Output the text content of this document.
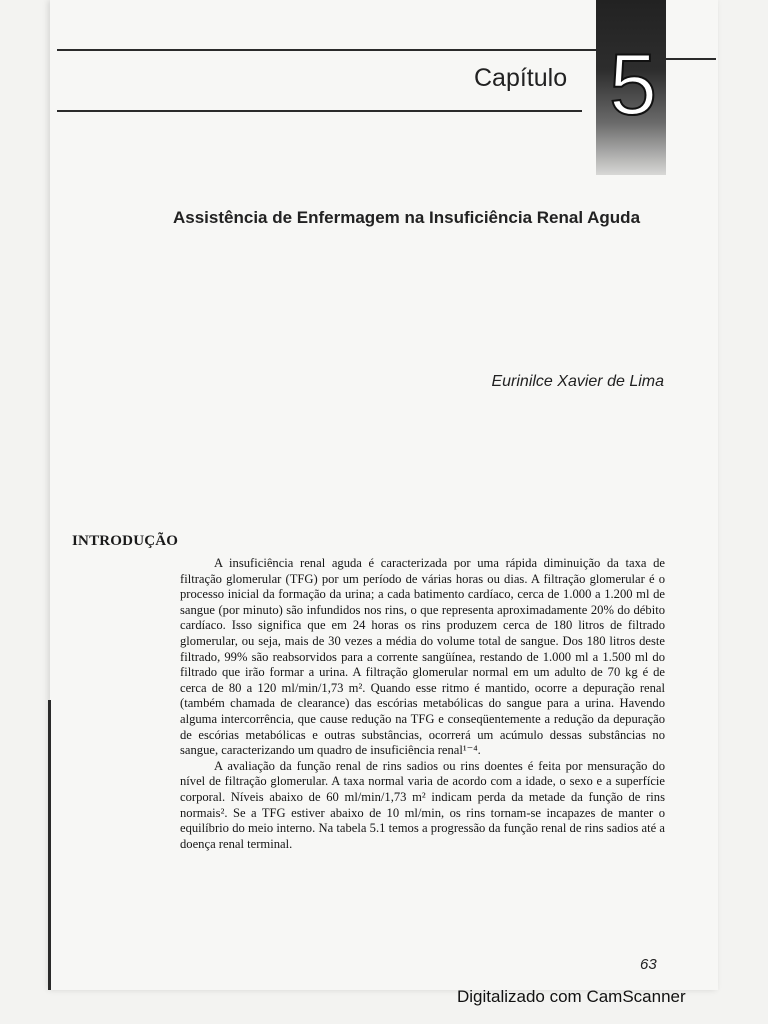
Capítulo 5
Assistência de Enfermagem na Insuficiência Renal Aguda
Eurinilce Xavier de Lima
INTRODUÇÃO

A insuficiência renal aguda é caracterizada por uma rápida diminuição da taxa de filtração glomerular (TFG) por um período de várias horas ou dias. A filtração glomerular é o processo inicial da formação da urina; a cada batimento cardíaco, cerca de 1.000 a 1.200 ml de sangue (por minuto) são infundidos nos rins, o que representa aproximadamente 20% do débito cardíaco. Isso significa que em 24 horas os rins produzem cerca de 180 litros de filtrado glomerular, ou seja, mais de 30 vezes a média do volume total de sangue. Dos 180 litros deste filtrado, 99% são reabsorvidos para a corrente sangüínea, restando de 1.000 ml a 1.500 ml do filtrado que irão formar a urina. A filtração glomerular normal em um adulto de 70 kg é de cerca de 80 a 120 ml/min/1,73 m². Quando esse ritmo é mantido, ocorre a depuração renal (também chamada de clearance) das escórias metabólicas do sangue para a urina. Havendo alguma intercorrência, que cause redução na TFG e conseqüentemente a redução da depuração de escórias metabólicas e outras substâncias, ocorrerá um acúmulo dessas substâncias no sangue, caracterizando um quadro de insuficiência renal¹⁻⁴.

A avaliação da função renal de rins sadios ou rins doentes é feita por mensuração do nível de filtração glomerular. A taxa normal varia de acordo com a idade, o sexo e a superfície corporal. Níveis abaixo de 60 ml/min/1,73 m² indicam perda da metade da função de rins normais². Se a TFG estiver abaixo de 10 ml/min, os rins tornam-se incapazes de manter o equilíbrio do meio interno. Na tabela 5.1 temos a progressão da função renal de rins sadios até a doença renal terminal.

63
Digitalizado com CamScanner
